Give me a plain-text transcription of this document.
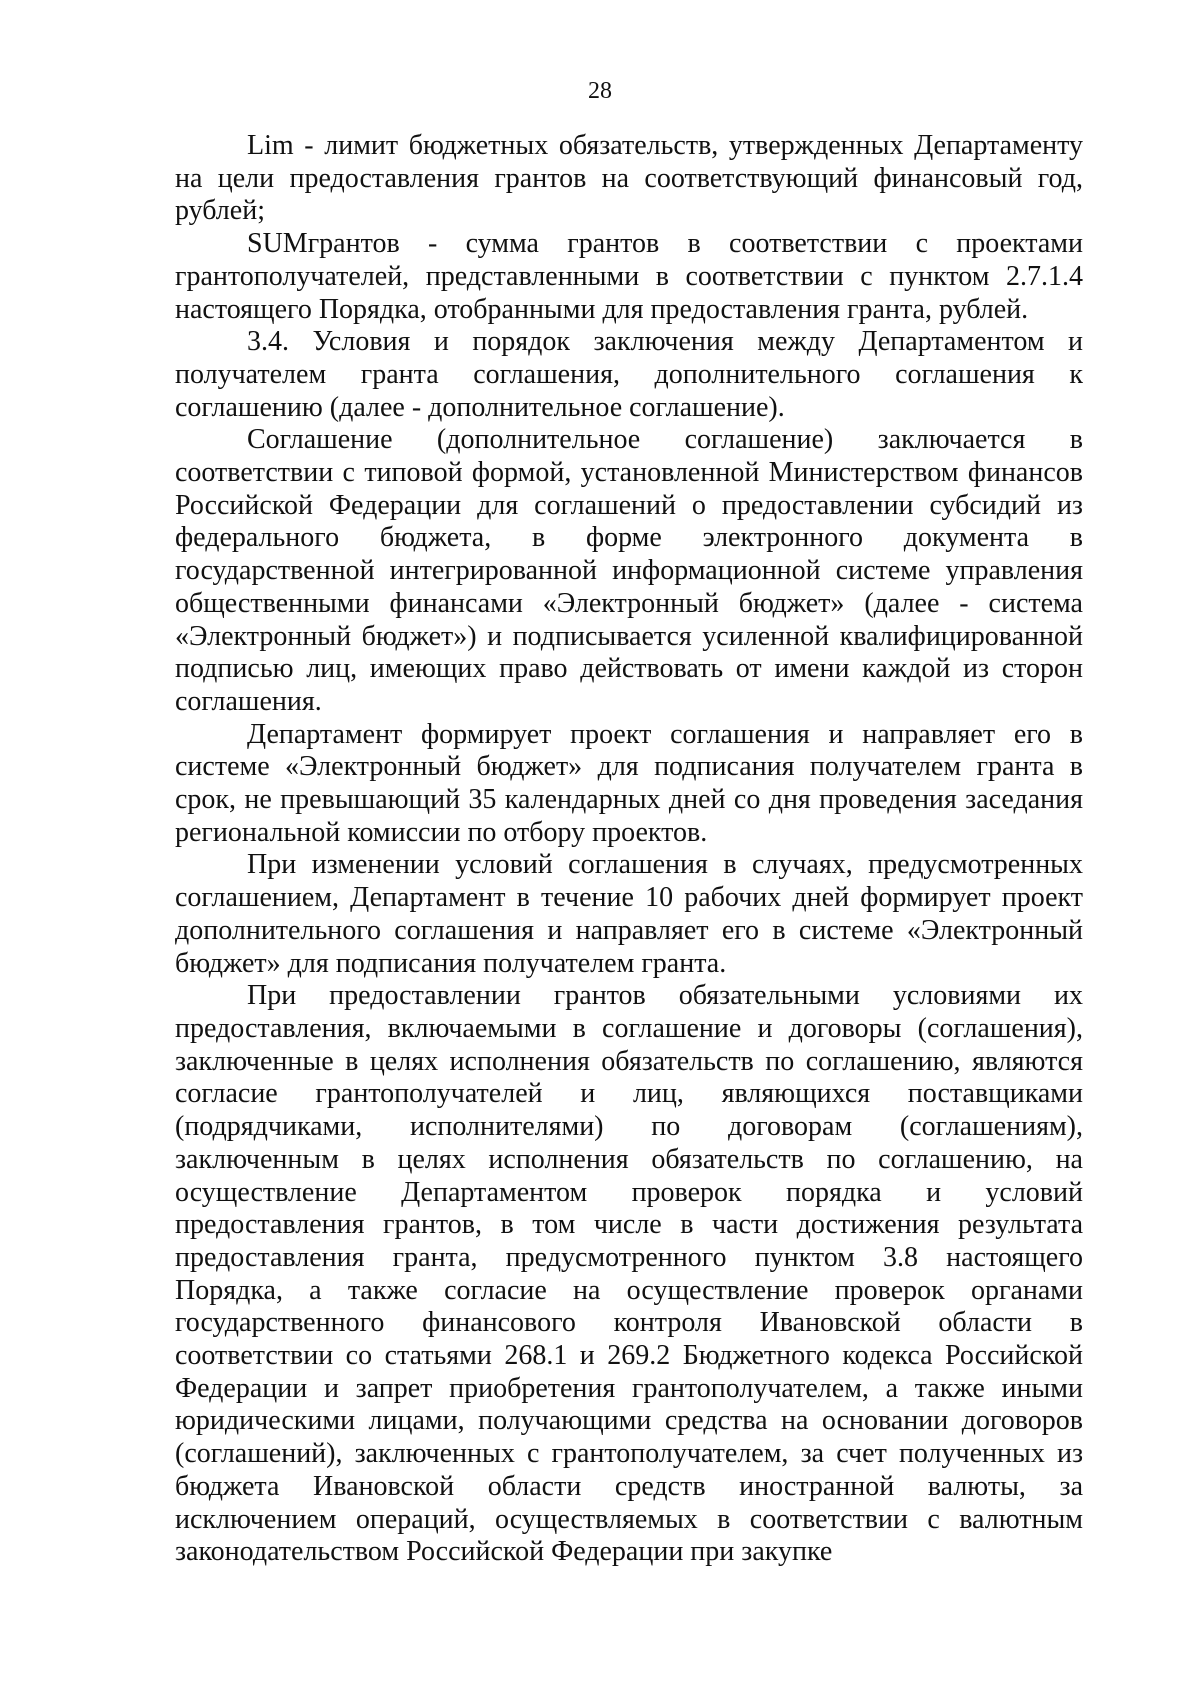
28

Lim - лимит бюджетных обязательств, утвержденных Департаменту на цели предоставления грантов на соответствующий финансовый год, рублей;

SUMгрантов - сумма грантов в соответствии с проектами грантополучателей, представленными в соответствии с пунктом 2.7.1.4 настоящего Порядка, отобранными для предоставления гранта, рублей.

3.4. Условия и порядок заключения между Департаментом и получателем гранта соглашения, дополнительного соглашения к соглашению (далее - дополнительное соглашение).

Соглашение (дополнительное соглашение) заключается в соответствии с типовой формой, установленной Министерством финансов Российской Федерации для соглашений о предоставлении субсидий из федерального бюджета, в форме электронного документа в государственной интегрированной информационной системе управления общественными финансами «Электронный бюджет» (далее - система «Электронный бюджет») и подписывается усиленной квалифицированной подписью лиц, имеющих право действовать от имени каждой из сторон соглашения.

Департамент формирует проект соглашения и направляет его в системе «Электронный бюджет» для подписания получателем гранта в срок, не превышающий 35 календарных дней со дня проведения заседания региональной комиссии по отбору проектов.

При изменении условий соглашения в случаях, предусмотренных соглашением, Департамент в течение 10 рабочих дней формирует проект дополнительного соглашения и направляет его в системе «Электронный бюджет» для подписания получателем гранта.

При предоставлении грантов обязательными условиями их предоставления, включаемыми в соглашение и договоры (соглашения), заключенные в целях исполнения обязательств по соглашению, являются согласие грантополучателей и лиц, являющихся поставщиками (подрядчиками, исполнителями) по договорам (соглашениям), заключенным в целях исполнения обязательств по соглашению, на осуществление Департаментом проверок порядка и условий предоставления грантов, в том числе в части достижения результата предоставления гранта, предусмотренного пунктом 3.8 настоящего Порядка, а также согласие на осуществление проверок органами государственного финансового контроля Ивановской области в соответствии со статьями 268.1 и 269.2 Бюджетного кодекса Российской Федерации и запрет приобретения грантополучателем, а также иными юридическими лицами, получающими средства на основании договоров (соглашений), заключенных с грантополучателем, за счет полученных из бюджета Ивановской области средств иностранной валюты, за исключением операций, осуществляемых в соответствии с валютным законодательством Российской Федерации при закупке
